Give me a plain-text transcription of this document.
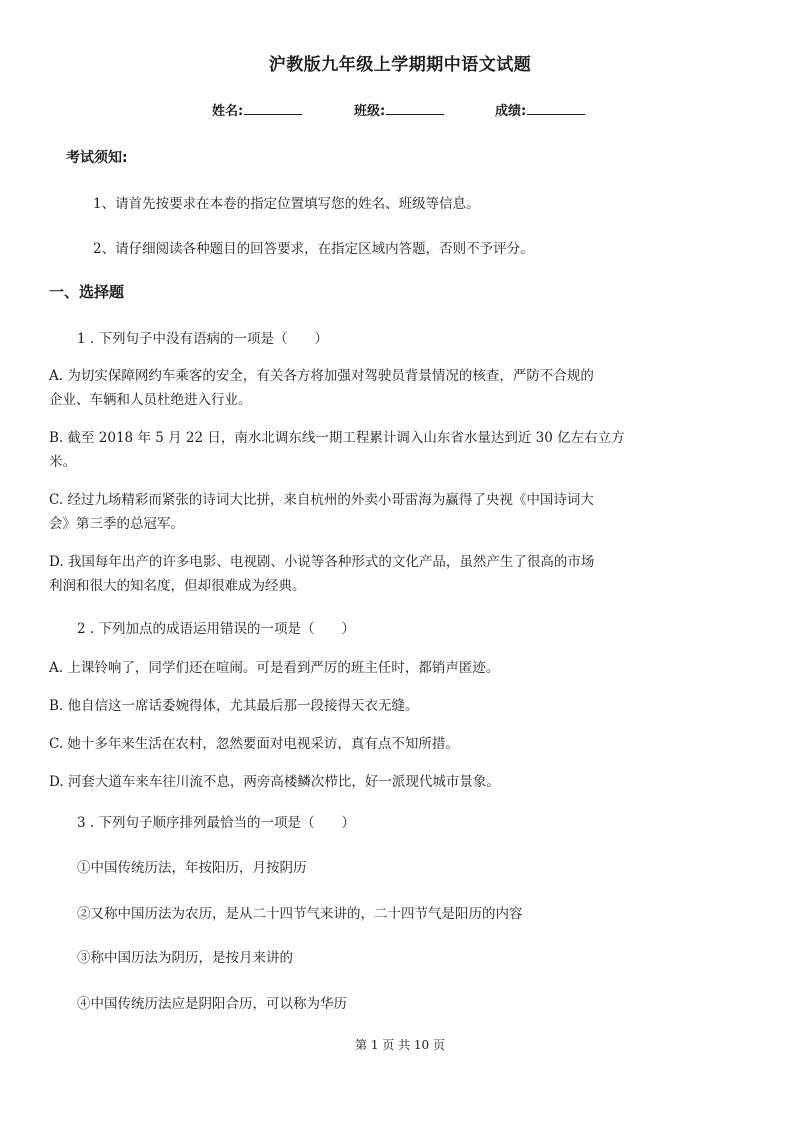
沪教版九年级上学期期中语文试题
姓名:	班级:	成绩:
考试须知:
1、请首先按要求在本卷的指定位置填写您的姓名、班级等信息。
2、请仔细阅读各种题目的回答要求，在指定区域内答题，否则不予评分。
一、选择题
1 . 下列句子中没有语病的一项是（　　）
A. 为切实保障网约车乘客的安全，有关各方将加强对驾驶员背景情况的核查，严防不合规的
企业、车辆和人员杜绝进入行业。
B. 截至 2018 年 5 月 22 日，南水北调东线一期工程累计调入山东省水量达到近 30 亿左右立方
米。
C. 经过九场精彩而紧张的诗词大比拼，来自杭州的外卖小哥雷海为赢得了央视《中国诗词大
会》第三季的总冠军。
D. 我国每年出产的许多电影、电视剧、小说等各种形式的文化产品，虽然产生了很高的市场
利润和很大的知名度，但却很难成为经典。
2 . 下列加点的成语运用错误的一项是（　　）
A. 上课铃响了，同学们还在喧闹。可是看到严厉的班主任时，都销声匿迹。
B. 他自信这一席话委婉得体，尤其最后那一段接得天衣无缝。
C. 她十多年来生活在农村，忽然要面对电视采访，真有点不知所措。
D. 河套大道车来车往川流不息，两旁高楼鳞次栉比，好一派现代城市景象。
3 . 下列句子顺序排列最恰当的一项是（　　）
①中国传统历法，年按阳历，月按阴历
②又称中国历法为农历，是从二十四节气来讲的，二十四节气是阳历的内容
③称中国历法为阴历，是按月来讲的
④中国传统历法应是阴阳合历，可以称为华历
第 1 页 共 10 页
